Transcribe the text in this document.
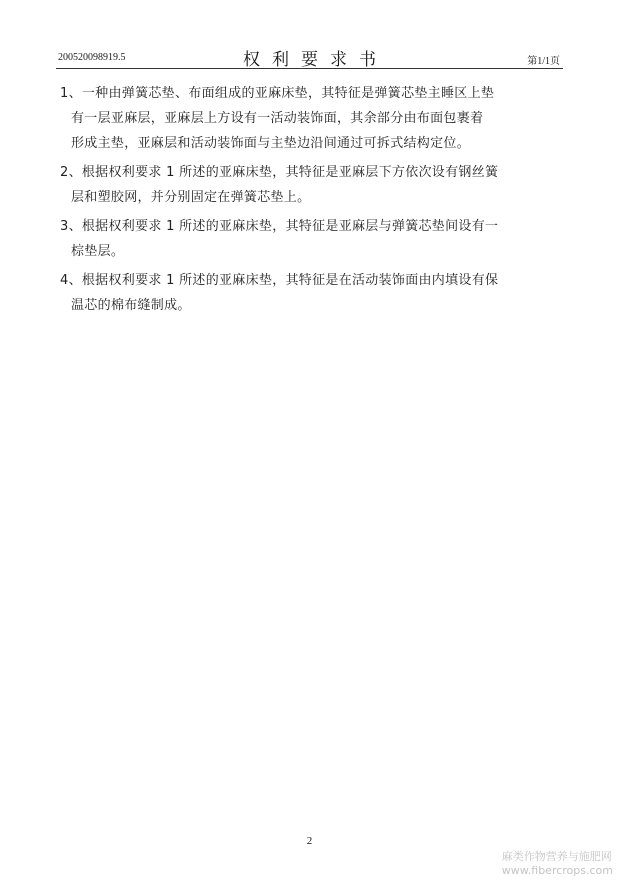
200520098919.5	权利要求书	第1/1页
1、一种由弹簧芯垫、布面组成的亚麻床垫，其特征是弹簧芯垫主睡区上垫
有一层亚麻层，亚麻层上方设有一活动装饰面，其余部分由布面包裹着
形成主垫，亚麻层和活动装饰面与主垫边沿间通过可拆式结构定位。
2、根据权利要求 1 所述的亚麻床垫，其特征是亚麻层下方依次设有钢丝簧
层和塑胶网，并分别固定在弹簧芯垫上。
3、根据权利要求 1 所述的亚麻床垫，其特征是亚麻层与弹簧芯垫间设有一
棕垫层。
4、根据权利要求 1 所述的亚麻床垫，其特征是在活动装饰面由内填设有保
温芯的棉布缝制成。
2
麻类作物营养与施肥网
www.fibercrops.com
